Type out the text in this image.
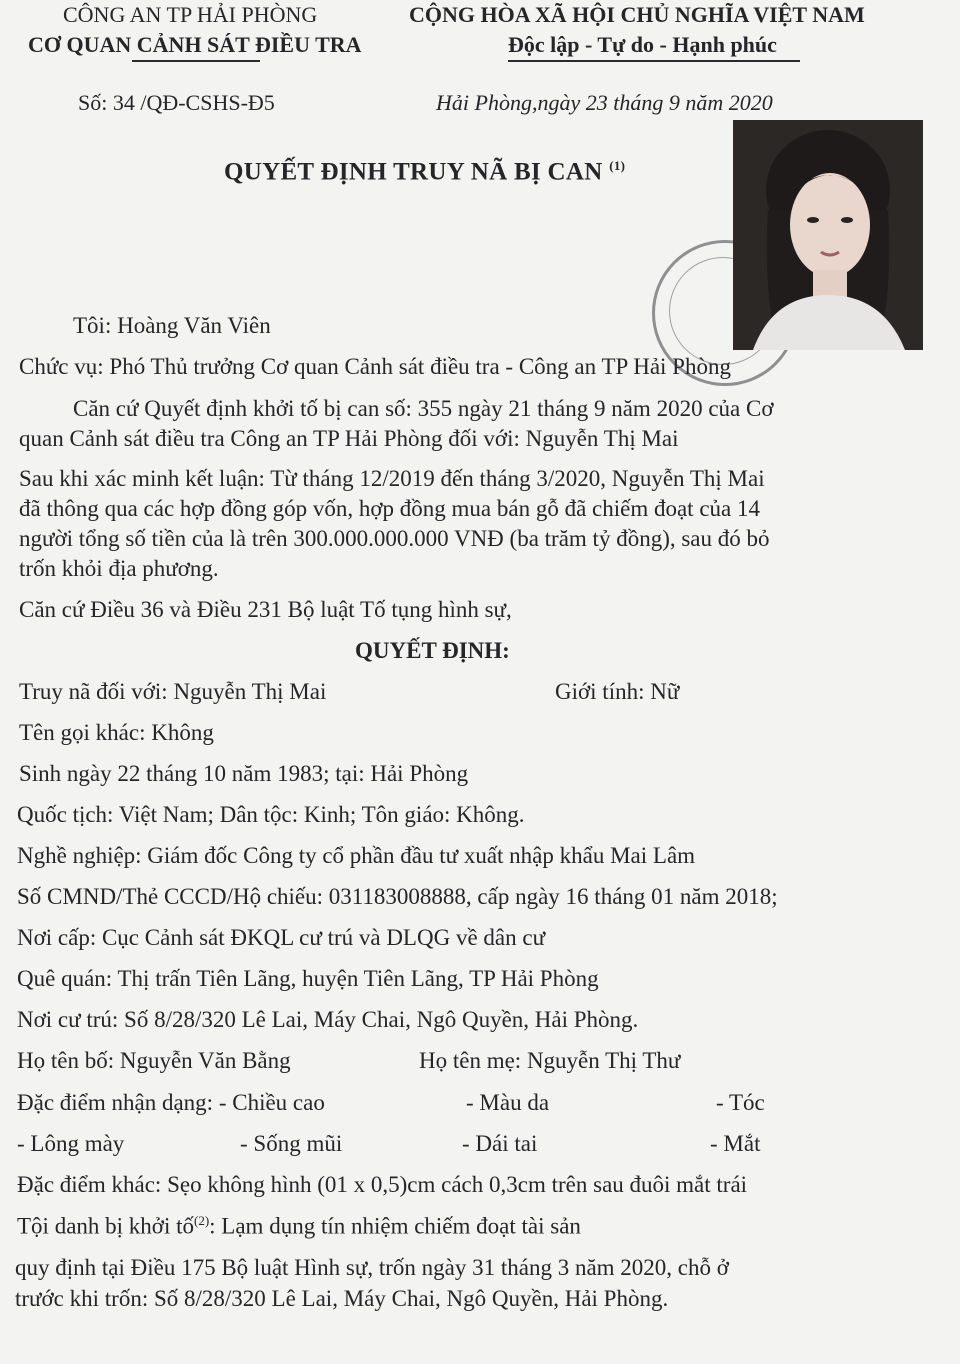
CÔNG AN TP HẢI PHÒNG
CƠ QUAN CẢNH SÁT ĐIỀU TRA
Số: 34 /QĐ-CSHS-Đ5
CỘNG HÒA XÃ HỘI CHỦ NGHĨA VIỆT NAM
Độc lập - Tự do - Hạnh phúc
Hải Phòng,ngày 23 tháng 9 năm 2020
QUYẾT ĐỊNH TRUY NÃ BỊ CAN $^{(1)}$
Tôi: Hoàng Văn Viên
Chức vụ: Phó Thủ trưởng Cơ quan Cảnh sát điều tra - Công an TP Hải Phòng
Căn cứ Quyết định khởi tố bị can số: 355 ngày 21 tháng 9 năm 2020 của Cơ
quan Cảnh sát điều tra Công an TP Hải Phòng đối với: Nguyễn Thị Mai
Sau khi xác minh kết luận: Từ tháng 12/2019 đến tháng 3/2020, Nguyễn Thị Mai
đã thông qua các hợp đồng góp vốn, hợp đồng mua bán gỗ đã chiếm đoạt của 14
người tổng số tiền của là trên 300.000.000.000 VNĐ (ba trăm tỷ đồng), sau đó bỏ
trốn khỏi địa phương.
Căn cứ Điều 36 và Điều 231 Bộ luật Tố tụng hình sự,
QUYẾT ĐỊNH:
Truy nã đối với: Nguyễn Thị Mai	Giới tính: Nữ
Tên gọi khác: Không
Sinh ngày 22 tháng 10 năm 1983; tại: Hải Phòng
Quốc tịch: Việt Nam; Dân tộc: Kinh; Tôn giáo: Không.
Nghề nghiệp: Giám đốc Công ty cổ phần đầu tư xuất nhập khẩu Mai Lâm
Số CMND/Thẻ CCCD/Hộ chiếu: 031183008888, cấp ngày 16 tháng 01 năm 2018;
Nơi cấp: Cục Cảnh sát ĐKQL cư trú và DLQG về dân cư
Quê quán: Thị trấn Tiên Lãng, huyện Tiên Lãng, TP Hải Phòng
Nơi cư trú: Số 8/28/320 Lê Lai, Máy Chai, Ngô Quyền, Hải Phòng.
Họ tên bố: Nguyễn Văn Bằng	Họ tên mẹ: Nguyễn Thị Thư
Đặc điểm nhận dạng: - Chiều cao	- Màu da	- Tóc
- Lông mày	- Sống mũi	- Dái tai	- Mắt
Đặc điểm khác: Sẹo không hình (01 x 0,5)cm cách 0,3cm trên sau đuôi mắt trái
Tội danh bị khởi tố$^{(2)}$: Lạm dụng tín nhiệm chiếm đoạt tài sản
quy định tại Điều 175 Bộ luật Hình sự, trốn ngày 31 tháng 3 năm 2020, chỗ ở
trước khi trốn: Số 8/28/320 Lê Lai, Máy Chai, Ngô Quyền, Hải Phòng.
